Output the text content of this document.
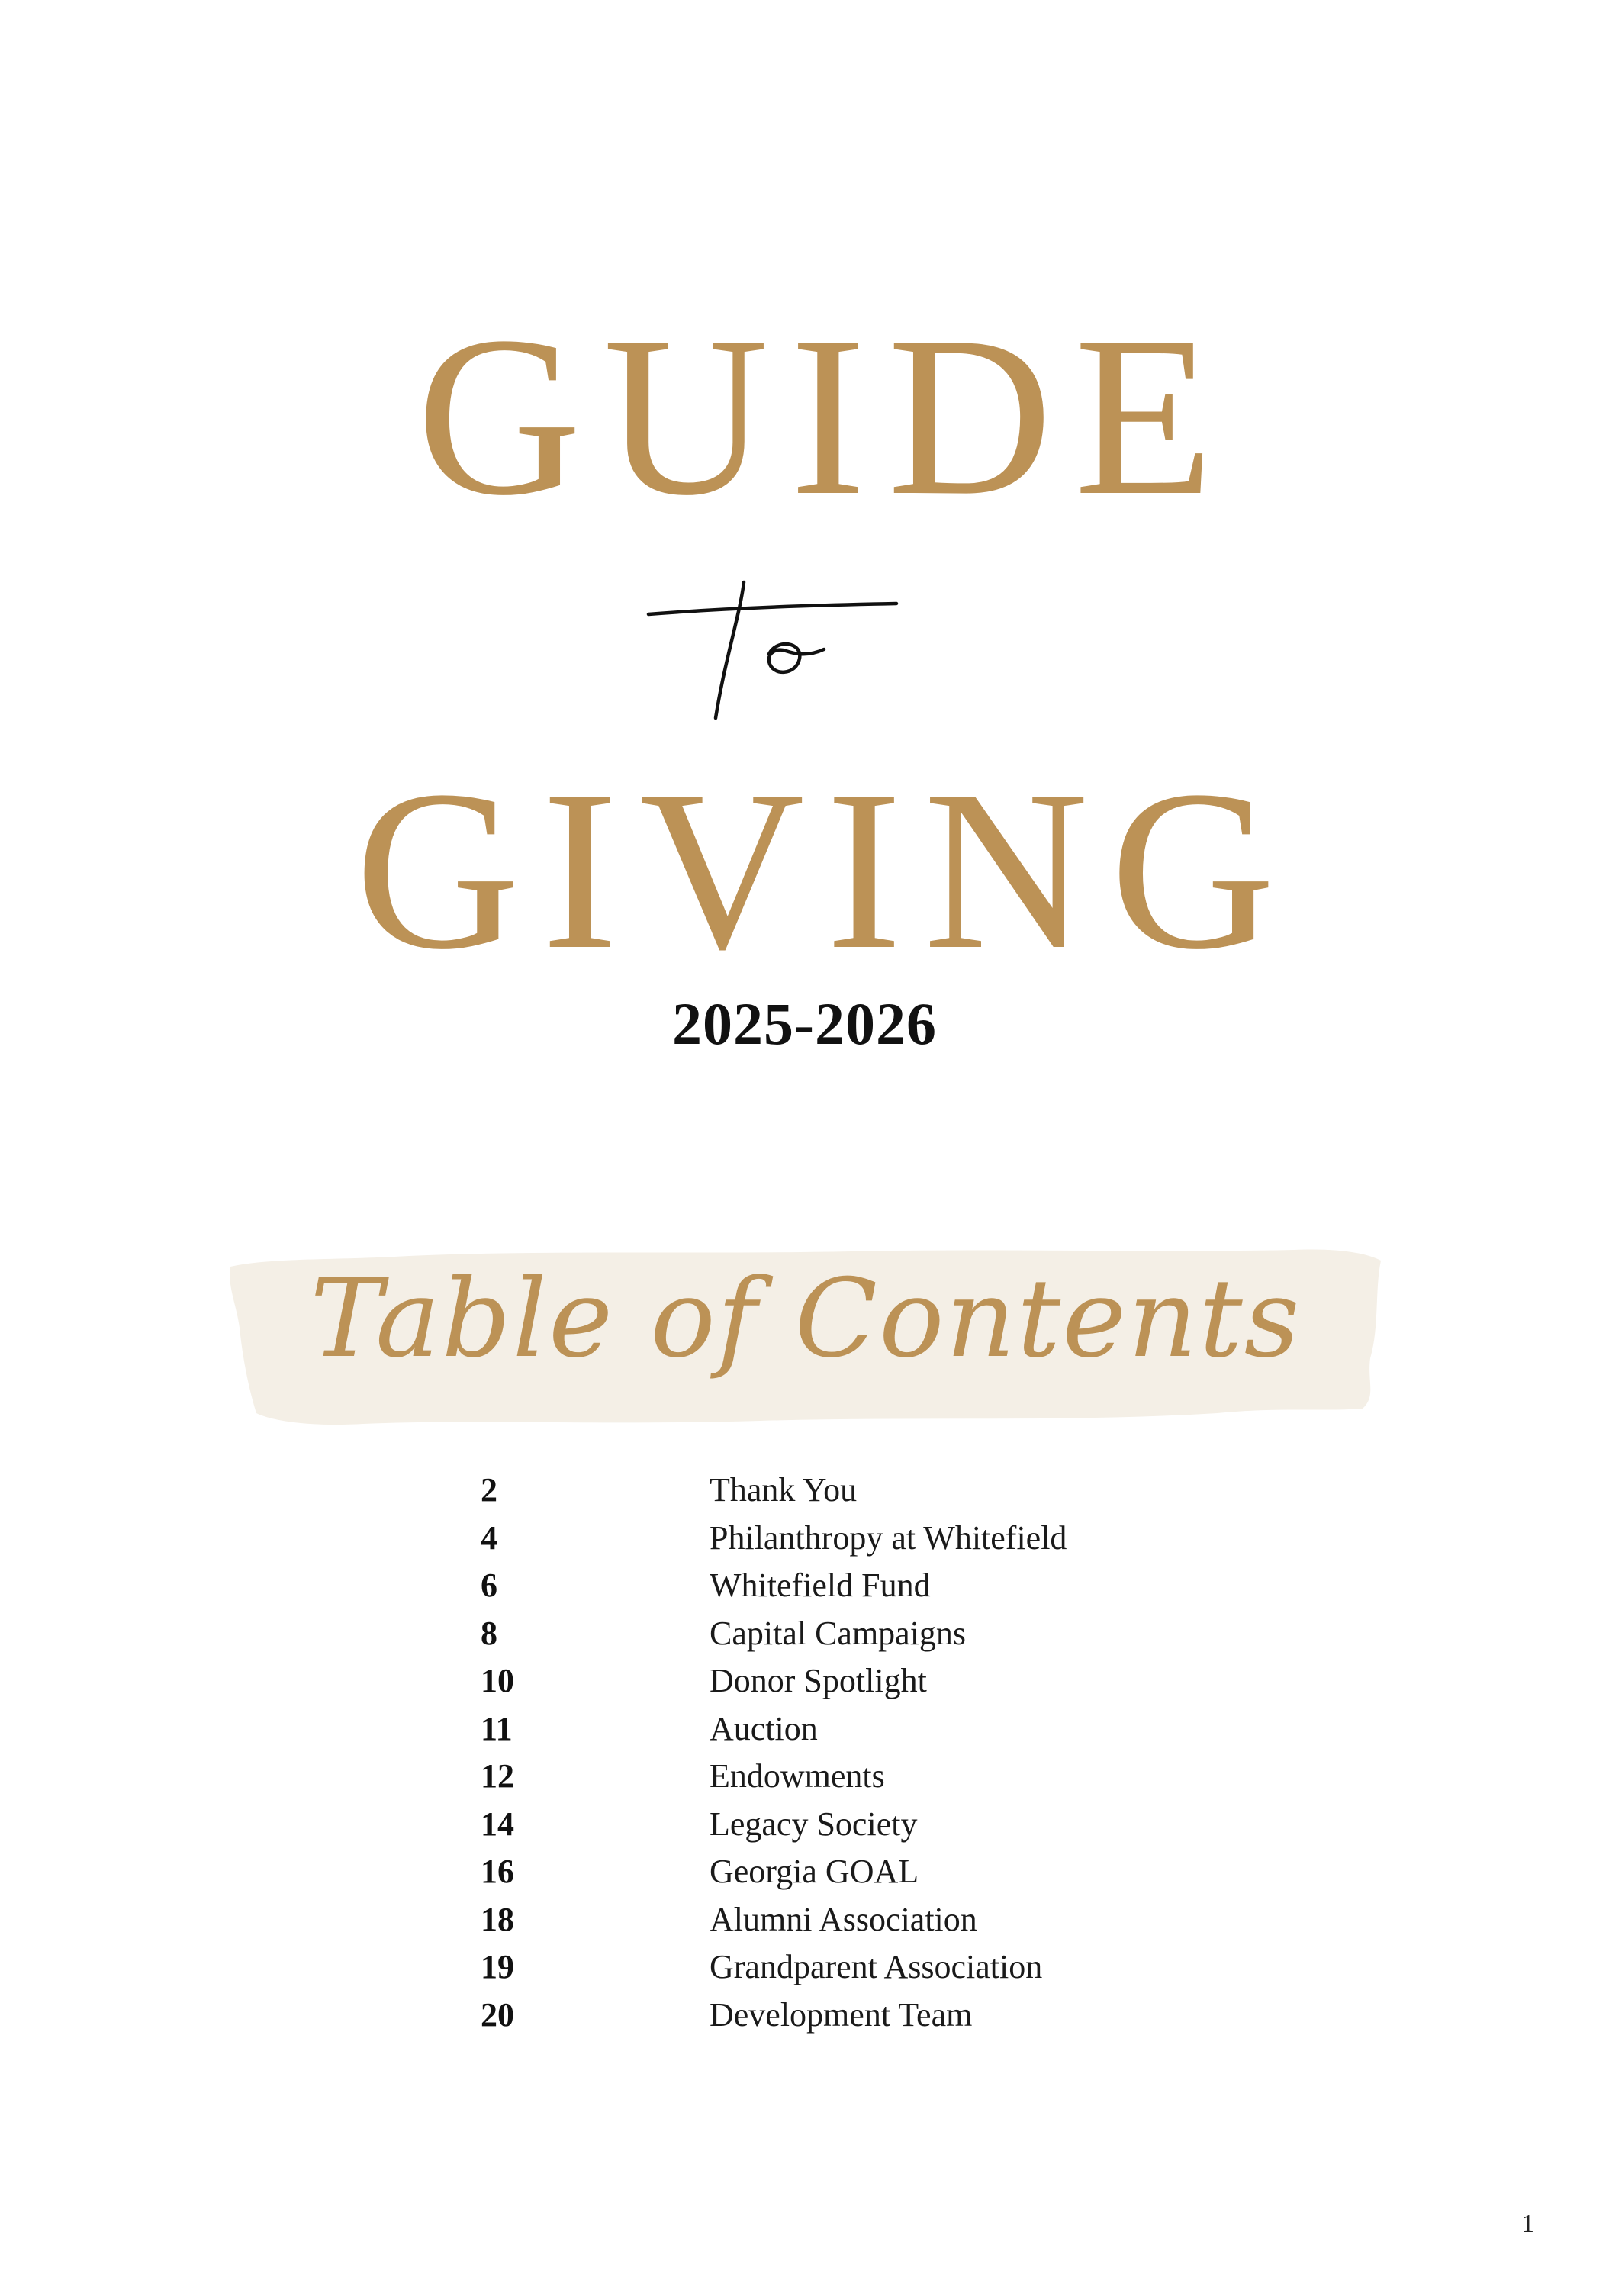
GUIDE
GIVING
2025-2026
Table of Contents
2	Thank You
4	Philanthropy at Whitefield
6	Whitefield Fund
8	Capital Campaigns
10	Donor Spotlight
11	Auction
12	Endowments
14	Legacy Society
16	Georgia GOAL
18	Alumni Association
19	Grandparent Association
20	Development Team
1
